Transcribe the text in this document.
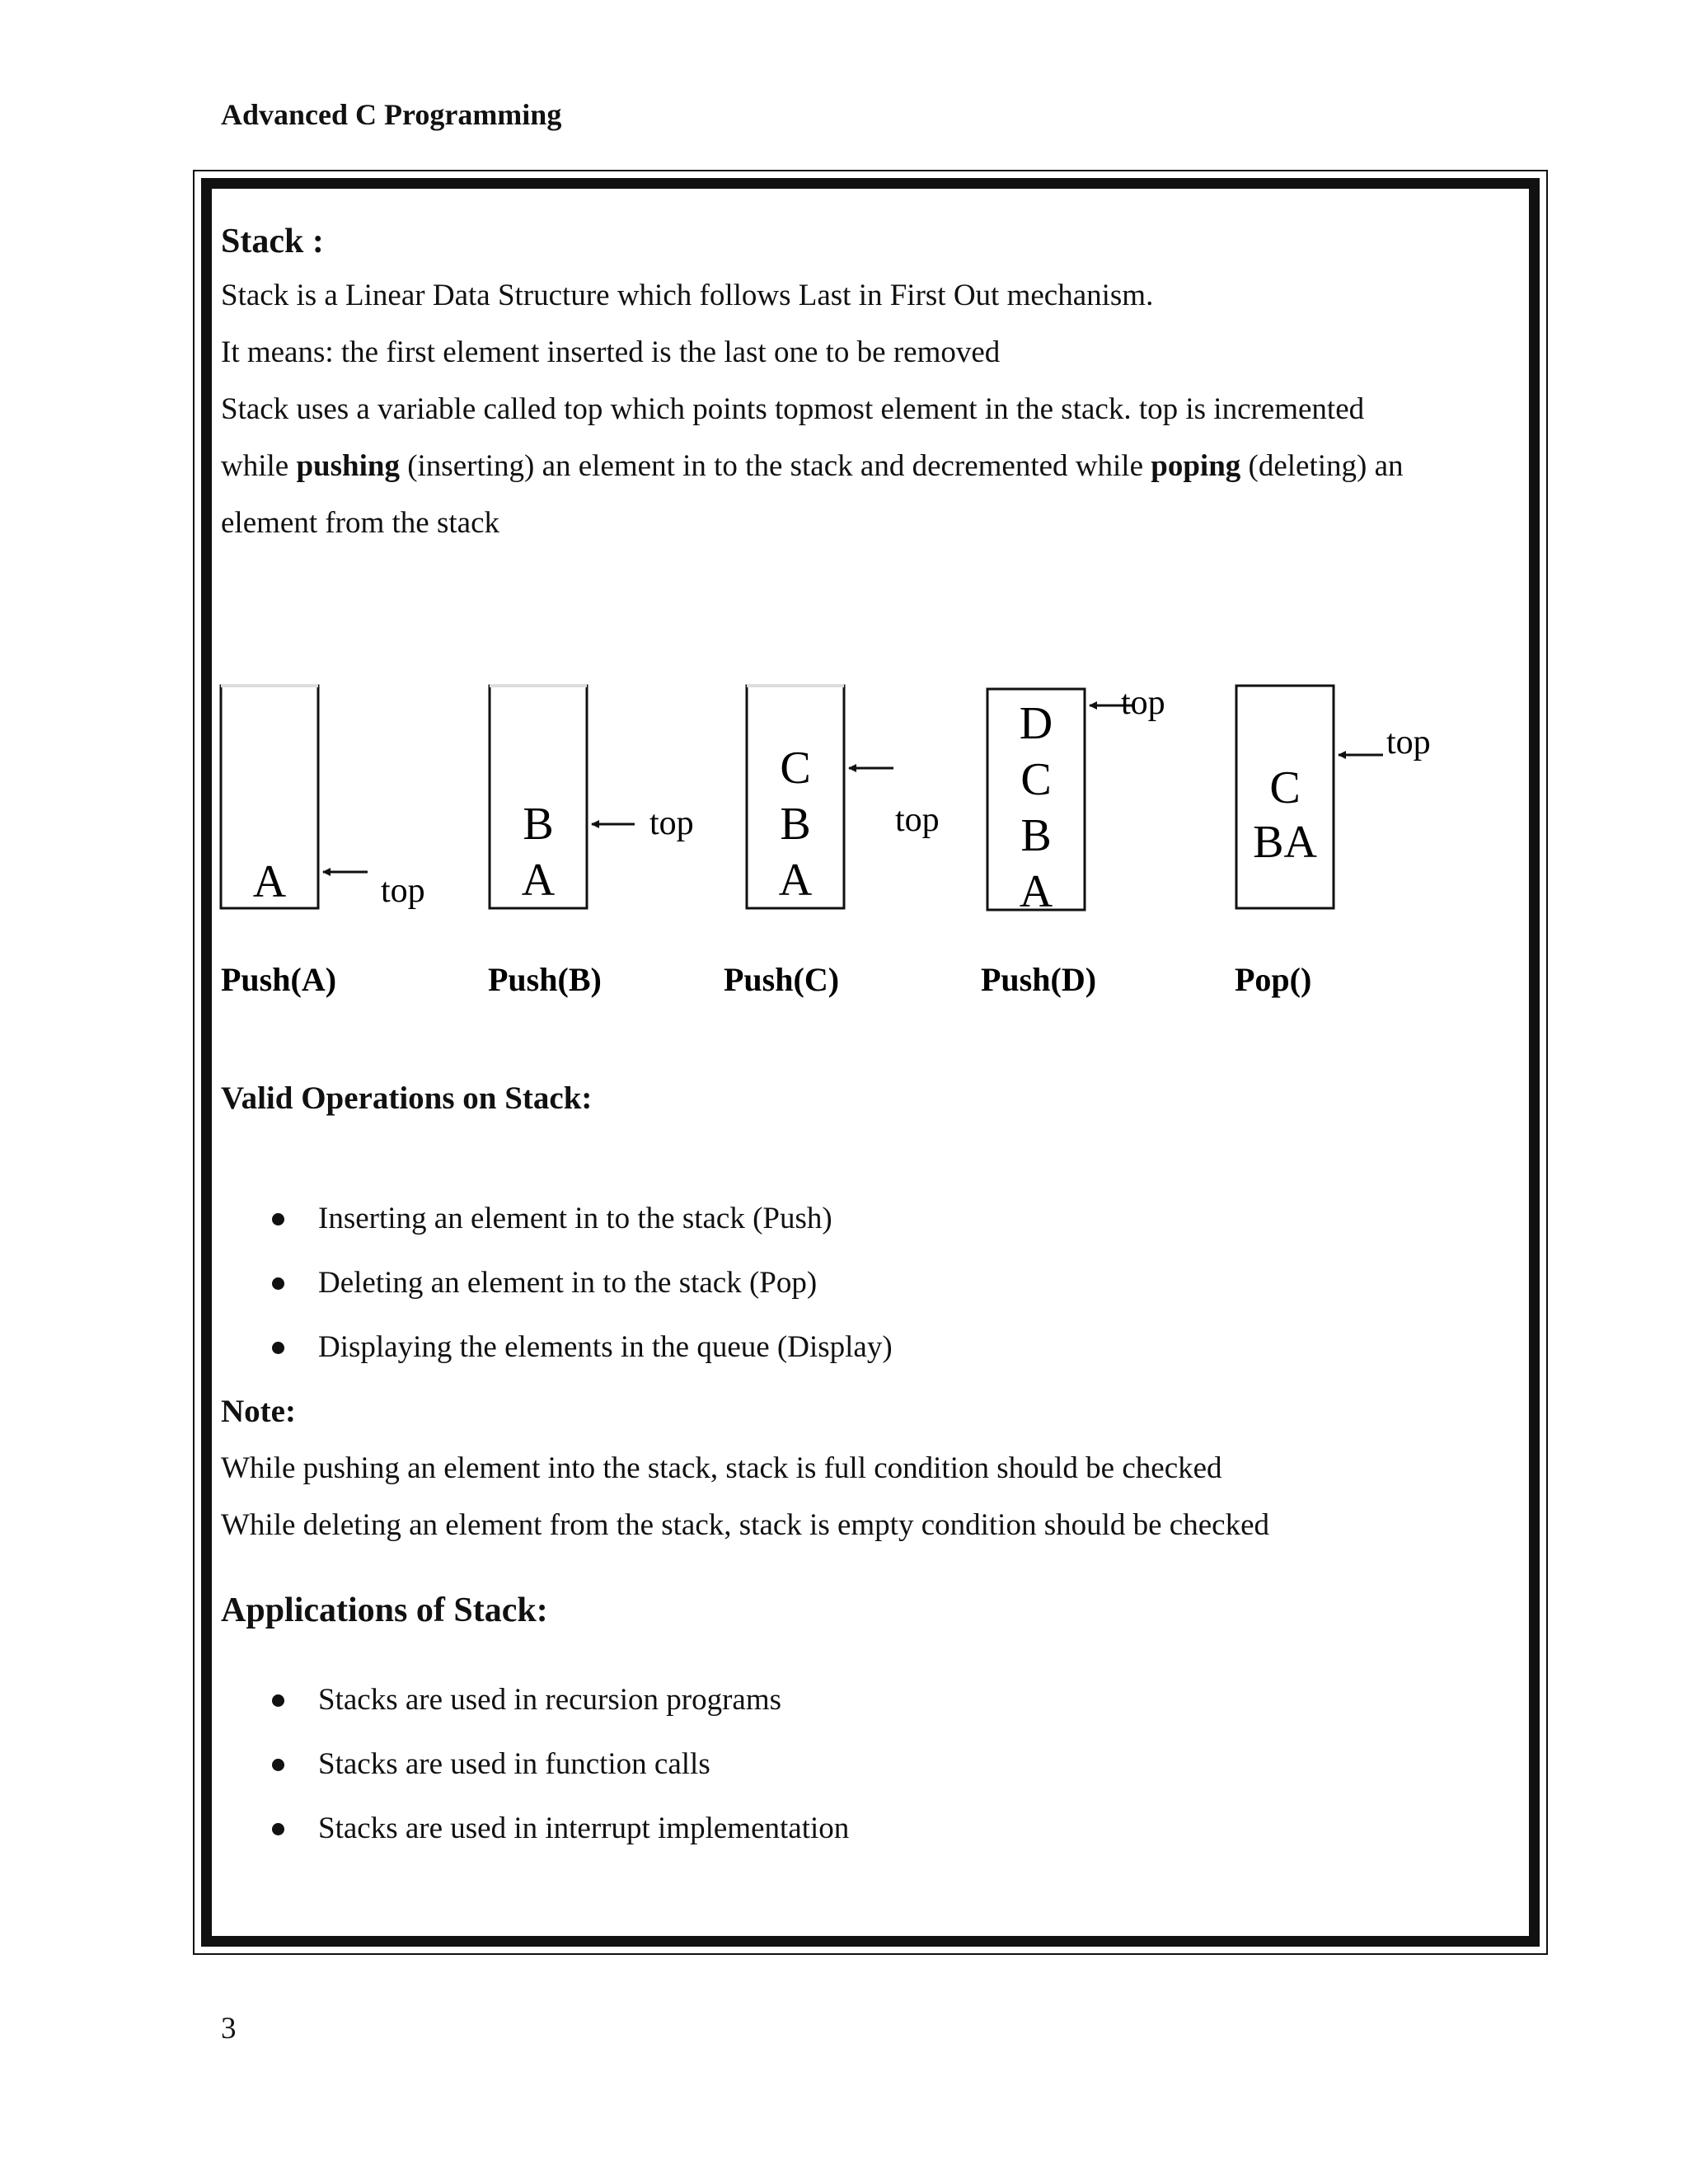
Advanced C Programming

Stack :

Stack is a Linear Data Structure which follows Last in First Out mechanism.

It means: the first element inserted is the last one to be removed

Stack uses a variable called top which points topmost element in the stack. top is incremented

while pushing (inserting) an element in to the stack and decremented while poping (deleting) an

element from the stack

A	top
Push(A)
B
A
top
Push(B)
C
B
A
top
Push(C)
D
C
B
A
top
Push(D)
C
BA
top
Pop()

Valid Operations on Stack:

Inserting an element in to the stack (Push)
Deleting an element in to the stack (Pop)
Displaying the elements in the queue (Display)

Note:

While pushing an element into the stack, stack is full condition should be checked

While deleting an element from the stack, stack is empty condition should be checked

Applications of Stack:

Stacks are used in recursion programs
Stacks are used in function calls
Stacks are used in interrupt implementation

3
